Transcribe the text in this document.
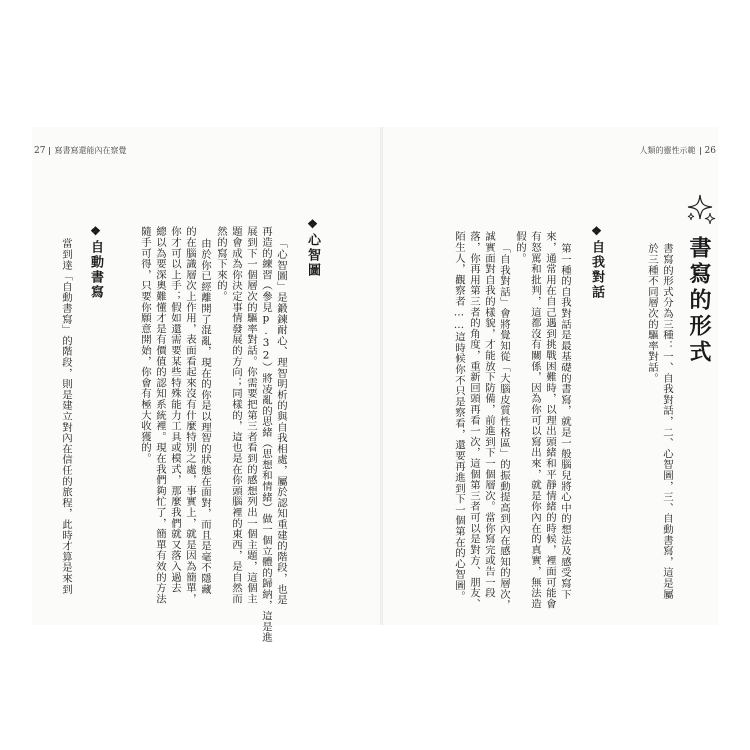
27 寫書寫還能內在察覺	人類的靈性示範 26
書寫的形式
書寫的形式分為三種：一、自我對話，二、心智圖，三、自動書寫，這是屬
於三種不同層次的驅率對話。
❖
自我對話
第一種的自我對話是最基礎的書寫，就是一般腦兒將心中的想法及感受寫下
來，通常用在自己遇到挑戰困難時，以理出頭緒和平靜情緒的時候，裡面可能會
有怒罵和批判，這都沒有關係，因為你可以寫出來，就是你內在的真實，無法造
假的。
「自我對話」會將覺知從「大腦皮質性格區」的振動提高到內在感知的層次，
誠實面對自我的樣貌，才能放下防備，前進到下一個層次。當你寫完或告一段
落，你再用第三者的角度，重新回頭再看一次，這個第三者可以是對方、朋友、
陌生人，觀察者……這時候你不只是察看，還要再進到下一個第在的心智圖。
❖
心智圖
「心智圖」是鍛鍊耐心、理智明析的與自我相處，屬於認知重建的階段，也是
再造的練習（參見p.32）將凌亂的思緒（思想和情緒）做一個立體的歸納，這是進
展到下一個層次的驅率對話。你需要把第三者看到的感想列出一個主題，這個主
題會成為你決定事情發展的方向；同樣的，這也是在你頭腦裡的東西，是自然而
然的寫下來的。
由於你已經離開了混亂，現在的你是以理智的狀態在面對，而且是毫不隱藏
的在腦識層次上作用，表面看起來沒有什麼特別之處，事實上，就是因為簡單，
你才可以上手；假如還需要某些特殊能力工具或模式，那麼我們就又落入過去
總以為要深奧難懂才是有價值的認知系統裡。現在我們夠忙了，簡單有效的方法
隨手可得，只要你願意開始，你會有極大收獲的。
❖
自動書寫
當到達「自動書寫」的階段，則是建立對內在信任的旅程，此時才算是來到
